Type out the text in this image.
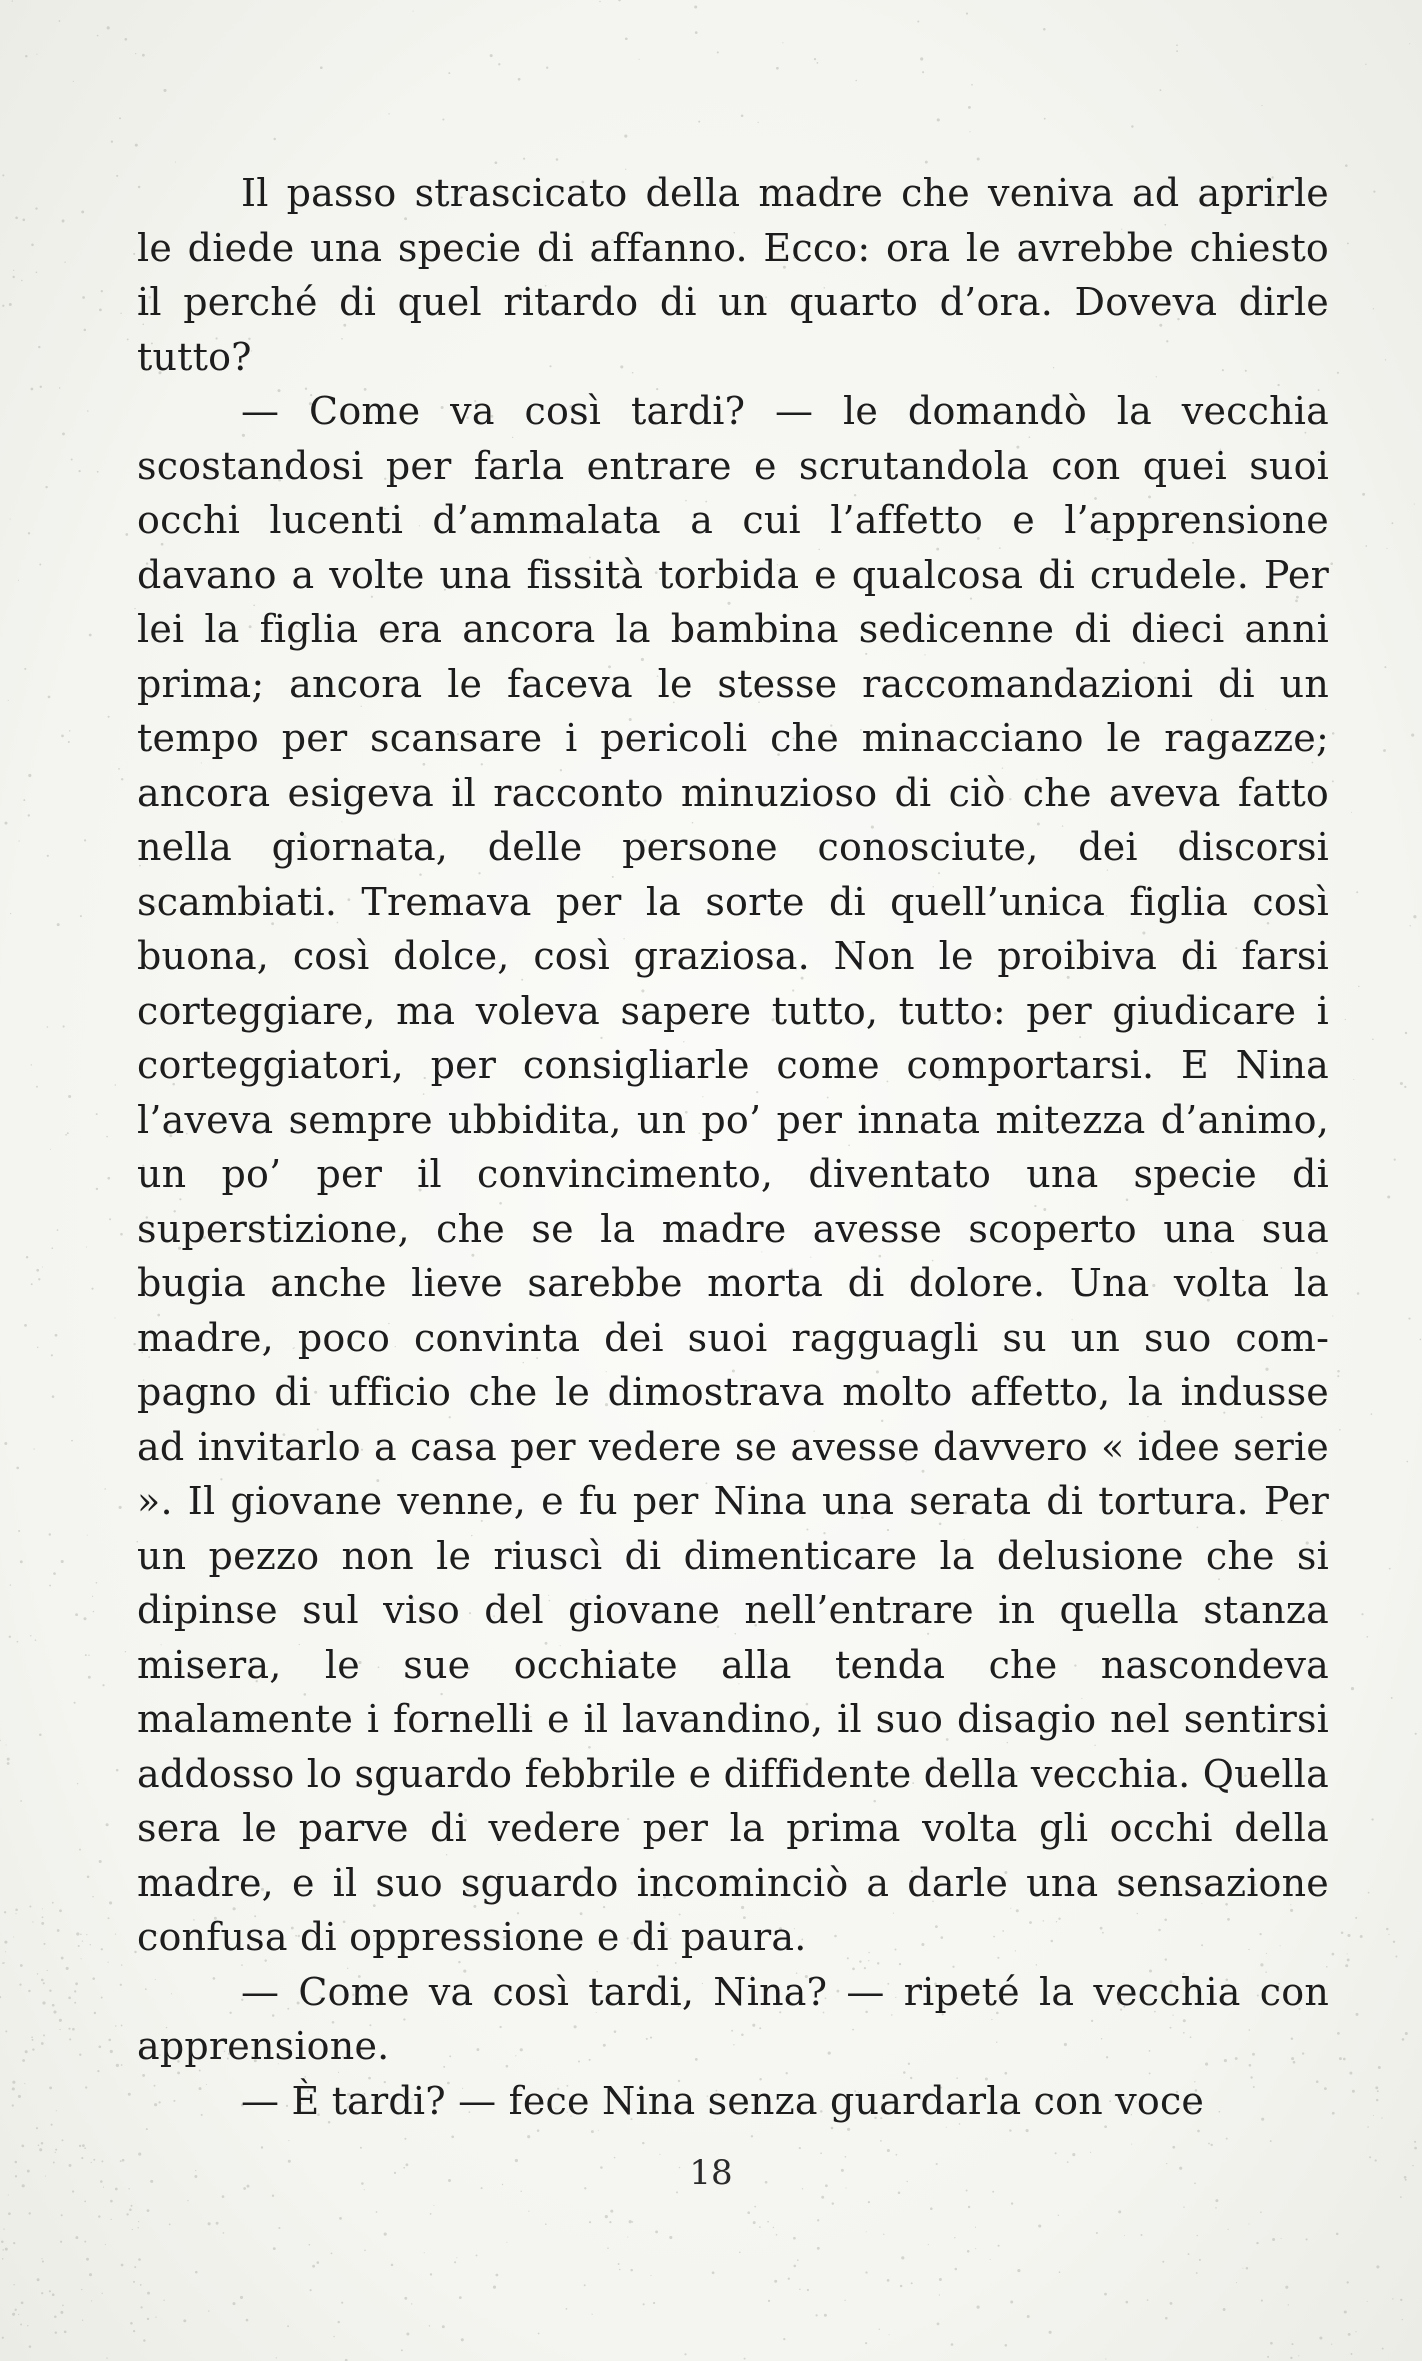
Il passo strascicato della madre che veniva ad aprirle le diede una specie di affanno. Ecco: ora le avrebbe chiesto il perché di quel ritardo di un quarto d’ora. Doveva dirle tutto?

— Come va così tardi? — le domandò la vecchia scostandosi per farla entrare e scrutandola con quei suoi occhi lucenti d’ammalata a cui l’affetto e l’apprensione davano a volte una fissità torbida e qualcosa di crudele. Per lei la figlia era ancora la bambina sedicenne di dieci anni prima; ancora le faceva le stesse raccomandazioni di un tempo per scansare i pericoli che minacciano le ragazze; ancora esigeva il racconto minuzioso di ciò che aveva fatto nella giornata, delle persone conosciute, dei discorsi scambiati. Tremava per la sorte di quell’unica figlia così buona, così dolce, così graziosa. Non le proibiva di farsi corteggiare, ma voleva sapere tutto, tutto: per giudicare i corteggiatori, per consigliarle come comportarsi. E Nina l’aveva sempre ubbidita, un po’ per innata mitezza d’animo, un po’ per il convincimento, diventato una specie di superstizione, che se la madre avesse scoperto una sua bugia anche lieve sarebbe morta di dolore. Una volta la madre, poco convinta dei suoi ragguagli su un suo compagno di ufficio che le dimostrava molto affetto, la indusse ad invitarlo a casa per vedere se avesse davvero « idee serie ». Il giovane venne, e fu per Nina una serata di tortura. Per un pezzo non le riuscì di dimenticare la delusione che si dipinse sul viso del giovane nell’entrare in quella stanza misera, le sue occhiate alla tenda che nascondeva malamente i fornelli e il lavandino, il suo disagio nel sentirsi addosso lo sguardo febbrile e diffidente della vecchia. Quella sera le parve di vedere per la prima volta gli occhi della madre, e il suo sguardo incominciò a darle una sensazione confusa di oppressione e di paura.

— Come va così tardi, Nina? — ripeté la vecchia con apprensione.

— È tardi? — fece Nina senza guardarla con voce

18
